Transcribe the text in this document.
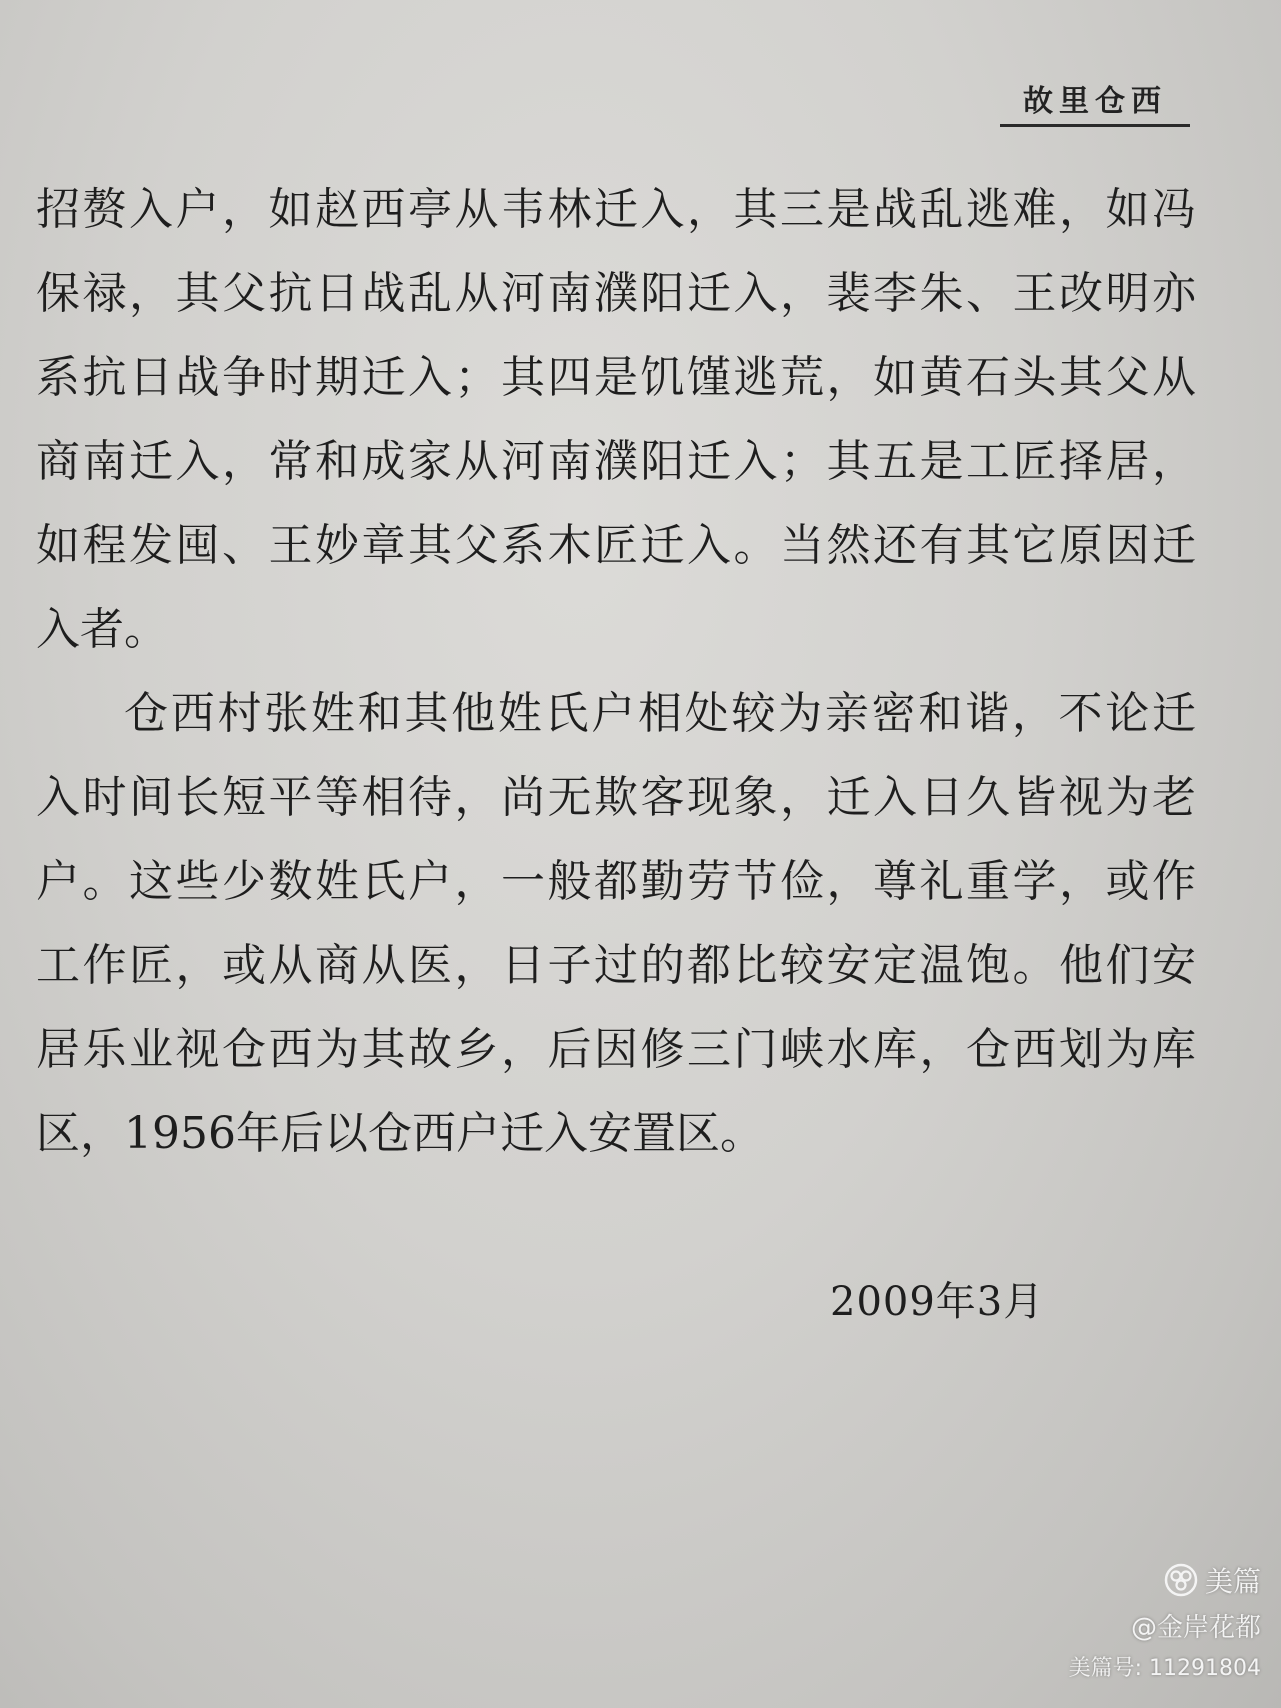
故里仓西
招赘入户，如赵西亭从韦林迁入，其三是战乱逃难，如冯
保禄，其父抗日战乱从河南濮阳迁入，裴李朱、王改明亦
系抗日战争时期迁入；其四是饥馑逃荒，如黄石头其父从
商南迁入，常和成家从河南濮阳迁入；其五是工匠择居，
如程发囤、王妙章其父系木匠迁入。当然还有其它原因迁
入者。
仓西村张姓和其他姓氏户相处较为亲密和谐，不论迁
入时间长短平等相待，尚无欺客现象，迁入日久皆视为老
户。这些少数姓氏户，一般都勤劳节俭，尊礼重学，或作
工作匠，或从商从医，日子过的都比较安定温饱。他们安
居乐业视仓西为其故乡，后因修三门峡水库，仓西划为库
区，1956年后以仓西户迁入安置区。
2009年3月
美篇
@金岸花都
美篇号: 11291804
